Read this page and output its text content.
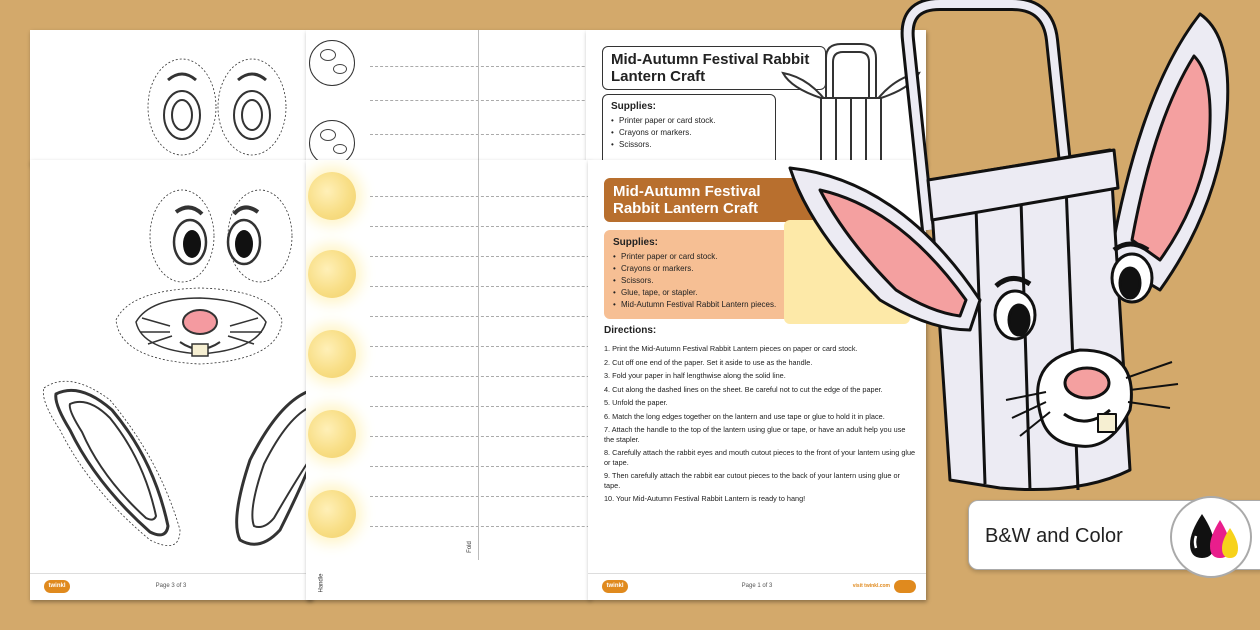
Mid-Autumn Festival Rabbit Lantern Craft
Supplies:
• Printer paper or card stock.
• Crayons or markers.
• Scissors.
twinkl	Page 3 of 3
Fold
Handle
Mid-Autumn Festival Rabbit Lantern Craft
Supplies:
• Printer paper or card stock.
• Crayons or markers.
• Scissors.
• Glue, tape, or stapler.
• Mid-Autumn Festival Rabbit Lantern pieces.
Directions:
1. Print the Mid-Autumn Festival Rabbit Lantern pieces on paper or card stock.
2. Cut off one end of the paper. Set it aside to use as the handle.
3. Fold your paper in half lengthwise along the solid line.
4. Cut along the dashed lines on the sheet. Be careful not to cut the edge of the paper.
5. Unfold the paper.
6. Match the long edges together on the lantern and use tape or glue to hold it in place.
7. Attach the handle to the top of the lantern using glue or tape, or have an adult help you use the stapler.
8. Carefully attach the rabbit eyes and mouth cutout pieces to the front of your lantern using glue or tape.
9. Then carefully attach the rabbit ear cutout pieces to the back of your lantern using glue or tape.
10. Your Mid-Autumn Festival Rabbit Lantern is ready to hang!
twinkl	Page 1 of 3	visit twinkl.com
B&W and Color
